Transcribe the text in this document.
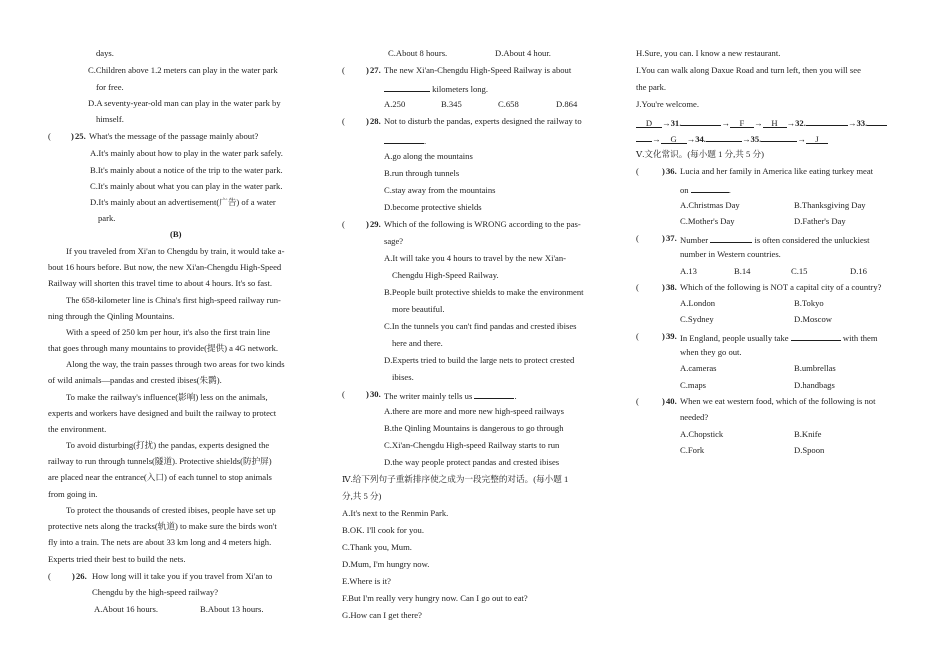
days.
C.Children above 1.2 meters can play in the water park
for free.
D.A seventy-year-old man can play in the water park by
himself.
( ) 25. What's the message of the passage mainly about?
A.It's mainly about how to play in the water park safely.
B.It's mainly about a notice of the trip to the water park.
C.It's mainly about what you can play in the water park.
D.It's mainly about an advertisement(广告) of a water
park.
(B)
If you traveled from Xi'an to Chengdu by train, it would take a-
bout 16 hours before. But now, the new Xi'an-Chengdu High-Speed
Railway will shorten this travel time to about 4 hours. It's so fast.
The 658-kilometer line is China's first high-speed railway run-
ning through the Qinling Mountains.
With a speed of 250 km per hour, it's also the first train line
that goes through many mountains to provide(提供) a 4G network.
Along the way, the train passes through two areas for two kinds
of wild animals—pandas and crested ibises(朱鹮).
To make the railway's influence(影响) less on the animals,
experts and workers have designed and built the railway to protect
the environment.
To avoid disturbing(打扰) the pandas, experts designed the
railway to run through tunnels(隧道). Protective shields(防护屏)
are placed near the entrance(入口) of each tunnel to stop animals
from going in.
To protect the thousands of crested ibises, people have set up
protective nets along the tracks(轨道) to make sure the birds won't
fly into a train. The nets are about 33 km long and 4 meters high.
Experts tried their best to build the nets.
( ) 26. How long will it take you if you travel from Xi'an to
Chengdu by the high-speed railway?
A.About 16 hours.	B.About 13 hours.
C.About 8 hours.	D.About 4 hour.
( ) 27. The new Xi'an-Chengdu High-Speed Railway is about
kilometers long.
A.250	B.345	C.658	D.864
( ) 28. Not to disturb the pandas, experts designed the railway to
.
A.go along the mountains
B.run through tunnels
C.stay away from the mountains
D.become protective shields
( ) 29. Which of the following is WRONG according to the pas-
sage?
A.It will take you 4 hours to travel by the new Xi'an-
Chengdu High-Speed Railway.
B.People built protective shields to make the environment
more beautiful.
C.In the tunnels you can't find pandas and crested ibises
here and there.
D.Experts tried to build the large nets to protect crested
ibises.
( ) 30. The writer mainly tells us	.
A.there are more and more new high-speed railways
B.the Qinling Mountains is dangerous to go through
C.Xi'an-Chengdu High-speed Railway starts to run
D.the way people protect pandas and crested ibises
Ⅳ.给下列句子重新排序使之成为一段完整的对话。(每小题 1
分,共 5 分)
A.It's next to the Renmin Park.
B.OK. I'll cook for you.
C.Thank you, Mum.
D.Mum, I'm hungry now.
E.Where is it?
F.But I'm really very hungry now. Can I go out to eat?
G.How can I get there?
H.Sure, you can. I know a new restaurant.
I.You can walk along Daxue Road and turn left, then you will see
the park.
J.You're welcome.
D →31.	→ F → H →32.	→33.
→ G →34.	→35.	→ J
Ⅴ.文化常识。(每小题 1 分,共 5 分)
(	) 36. Lucia and her family in America like eating turkey meat
on	.
A.Christmas Day	B.Thanksgiving Day
C.Mother's Day	D.Father's Day
(	) 37. Number	is often considered the unluckiest
number in Western countries.
A.13	B.14	C.15	D.16
(	) 38. Which of the following is NOT a capital city of a country?
A.London	B.Tokyo
C.Sydney	D.Moscow
(	) 39. In England, people usually take	with them
when they go out.
A.cameras	B.umbrellas
C.maps	D.handbags
(	) 40. When we eat western food, which of the following is not
needed?
A.Chopstick	B.Knife
C.Fork	D.Spoon
